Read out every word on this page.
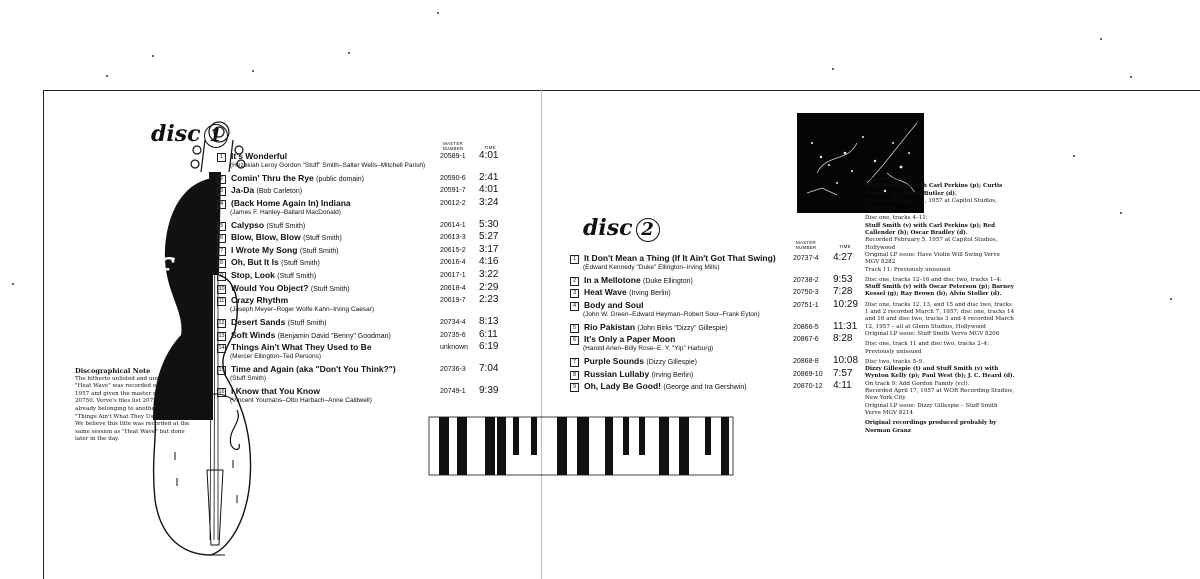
f
disc 1	MASTER NUMBER	TIME
1 It's Wonderful	20589-1 4:01
(Hezekiah Leroy Gordon "Stuff" Smith–Salter Wells–Mitchell Parish)
2 Comin' Thru the Rye (public domain)	20590-6 2:41
3 Ja-Da (Bob Carleton)	20591-7 4:01
4 (Back Home Again In) Indiana	20612-2 3:24
(James F. Hanley–Ballard MacDonald)
5 Calypso (Stuff Smith)	20614-1 5:30
6 Blow, Blow, Blow (Stuff Smith)	20613-3 5:27
7 I Wrote My Song (Stuff Smith)	20615-2 3:17
8 Oh, But It Is (Stuff Smith)	20616-4 4:16
9 Stop, Look (Stuff Smith)	20617-1 3:22
10 Would You Object? (Stuff Smith)	20618-4 2:29
11 Crazy Rhythm	20619-7 2:23
(Joseph Meyer–Roger Wolfe Kahn–Irving Caesar)
12 Desert Sands (Stuff Smith)	20734-4 8:13
13 Soft Winds (Benjamin David "Benny" Goodman)	20735-6 6:11
14 Things Ain't What They Used to Be	unknown 6:19
(Mercer Ellington–Ted Persons)
15 Time and Again (aka "Don't You Think?")	20736-3 7:04
(Stuff Smith)
16 I Know that You Know	20749-1 9:39
(Vincent Youmans–Otto Harbach–Anne Caldwell)
Discographical Note
The hitherto unlisted and unissued "Heat Wave" was recorded on March 12, 1957 and given the master number 20750. Verve's files list 20750 as already belonging to another song, "Things Ain't What They Used to Be". We believe this title was recorded at the same session as "Heat Wave" but done later in the day.
disc 2
MASTER NUMBER	TIME
1 It Don't Mean a Thing (If It Ain't Got That Swing) 20737-4 4:27
(Edward Kennedy "Duke" Ellington–Irving Mills)
2 In a Mellotone (Duke Ellington)	20738-2 9:53
3 Heat Wave (Irving Berlin)	20750-3 7:28
4 Body and Soul	20751-1 10:29
(John W. Green–Edward Heyman–Robert Sour–Frank Eyton)
5 Rio Pakistan (John Birks "Dizzy" Gillespie)	20866-5 11:31
6 It's Only a Paper Moon	20867-6 8:28
(Harold Arlen–Billy Rose–E. Y. "Yip" Harburg)
7 Purple Sounds (Dizzy Gillespie)	20868-8 10:08
8 Russian Lullaby (Irving Berlin)	20869-10 7:57
9 Oh, Lady Be Good! (George and Ira Gershwin)	20870-12 4:11

Disc one, tracks 1–3:

Stuff Smith (v) with Carl Perkins (p); Curtis Counce (b); Frank Butler (d).

Recorded January 21, 1957 at Capitol Studios, Hollywood

Disc one, tracks 4–11:

Stuff Smith (v) with Carl Perkins (p); Red Callender (b); Oscar Bradley (d).

Recorded February 5, 1957 at Capitol Studios, Hollywood

Original LP issue: Have Violin Will Swing Verve MGV 8282

Track 11: Previously unissued

Disc one, tracks 12–16 and disc two, tracks 1–4:

Stuff Smith (v) with Oscar Peterson (p); Barney Kessel (g); Ray Brown (b); Alvin Stoller (d).

Disc one, tracks 12, 13, and 15 and disc two, tracks 1 and 2 recorded March 7, 1957; disc one, tracks 14 and 16 and disc two, tracks 3 and 4 recorded March 12, 1957 – all at Glenn Studios, Hollywood

Original LP issue: Stuff Smith Verve MGV 8206

Disc one, track 11 and disc two, tracks 2–4: Previously unissued

Disc two, tracks 5–9.

Dizzy Gillespie (t) and Stuff Smith (v) with Wynton Kelly (p); Paul West (b); J. C. Heard (d).

On track 9: Add Gordon Family (vcl).

Recorded April 17, 1957 at WOR Recording Studios, New York City

Original LP issue: Dizzy Gillespie – Stuff Smith Verve MGV 8214

Original recordings produced probably by Norman Granz
